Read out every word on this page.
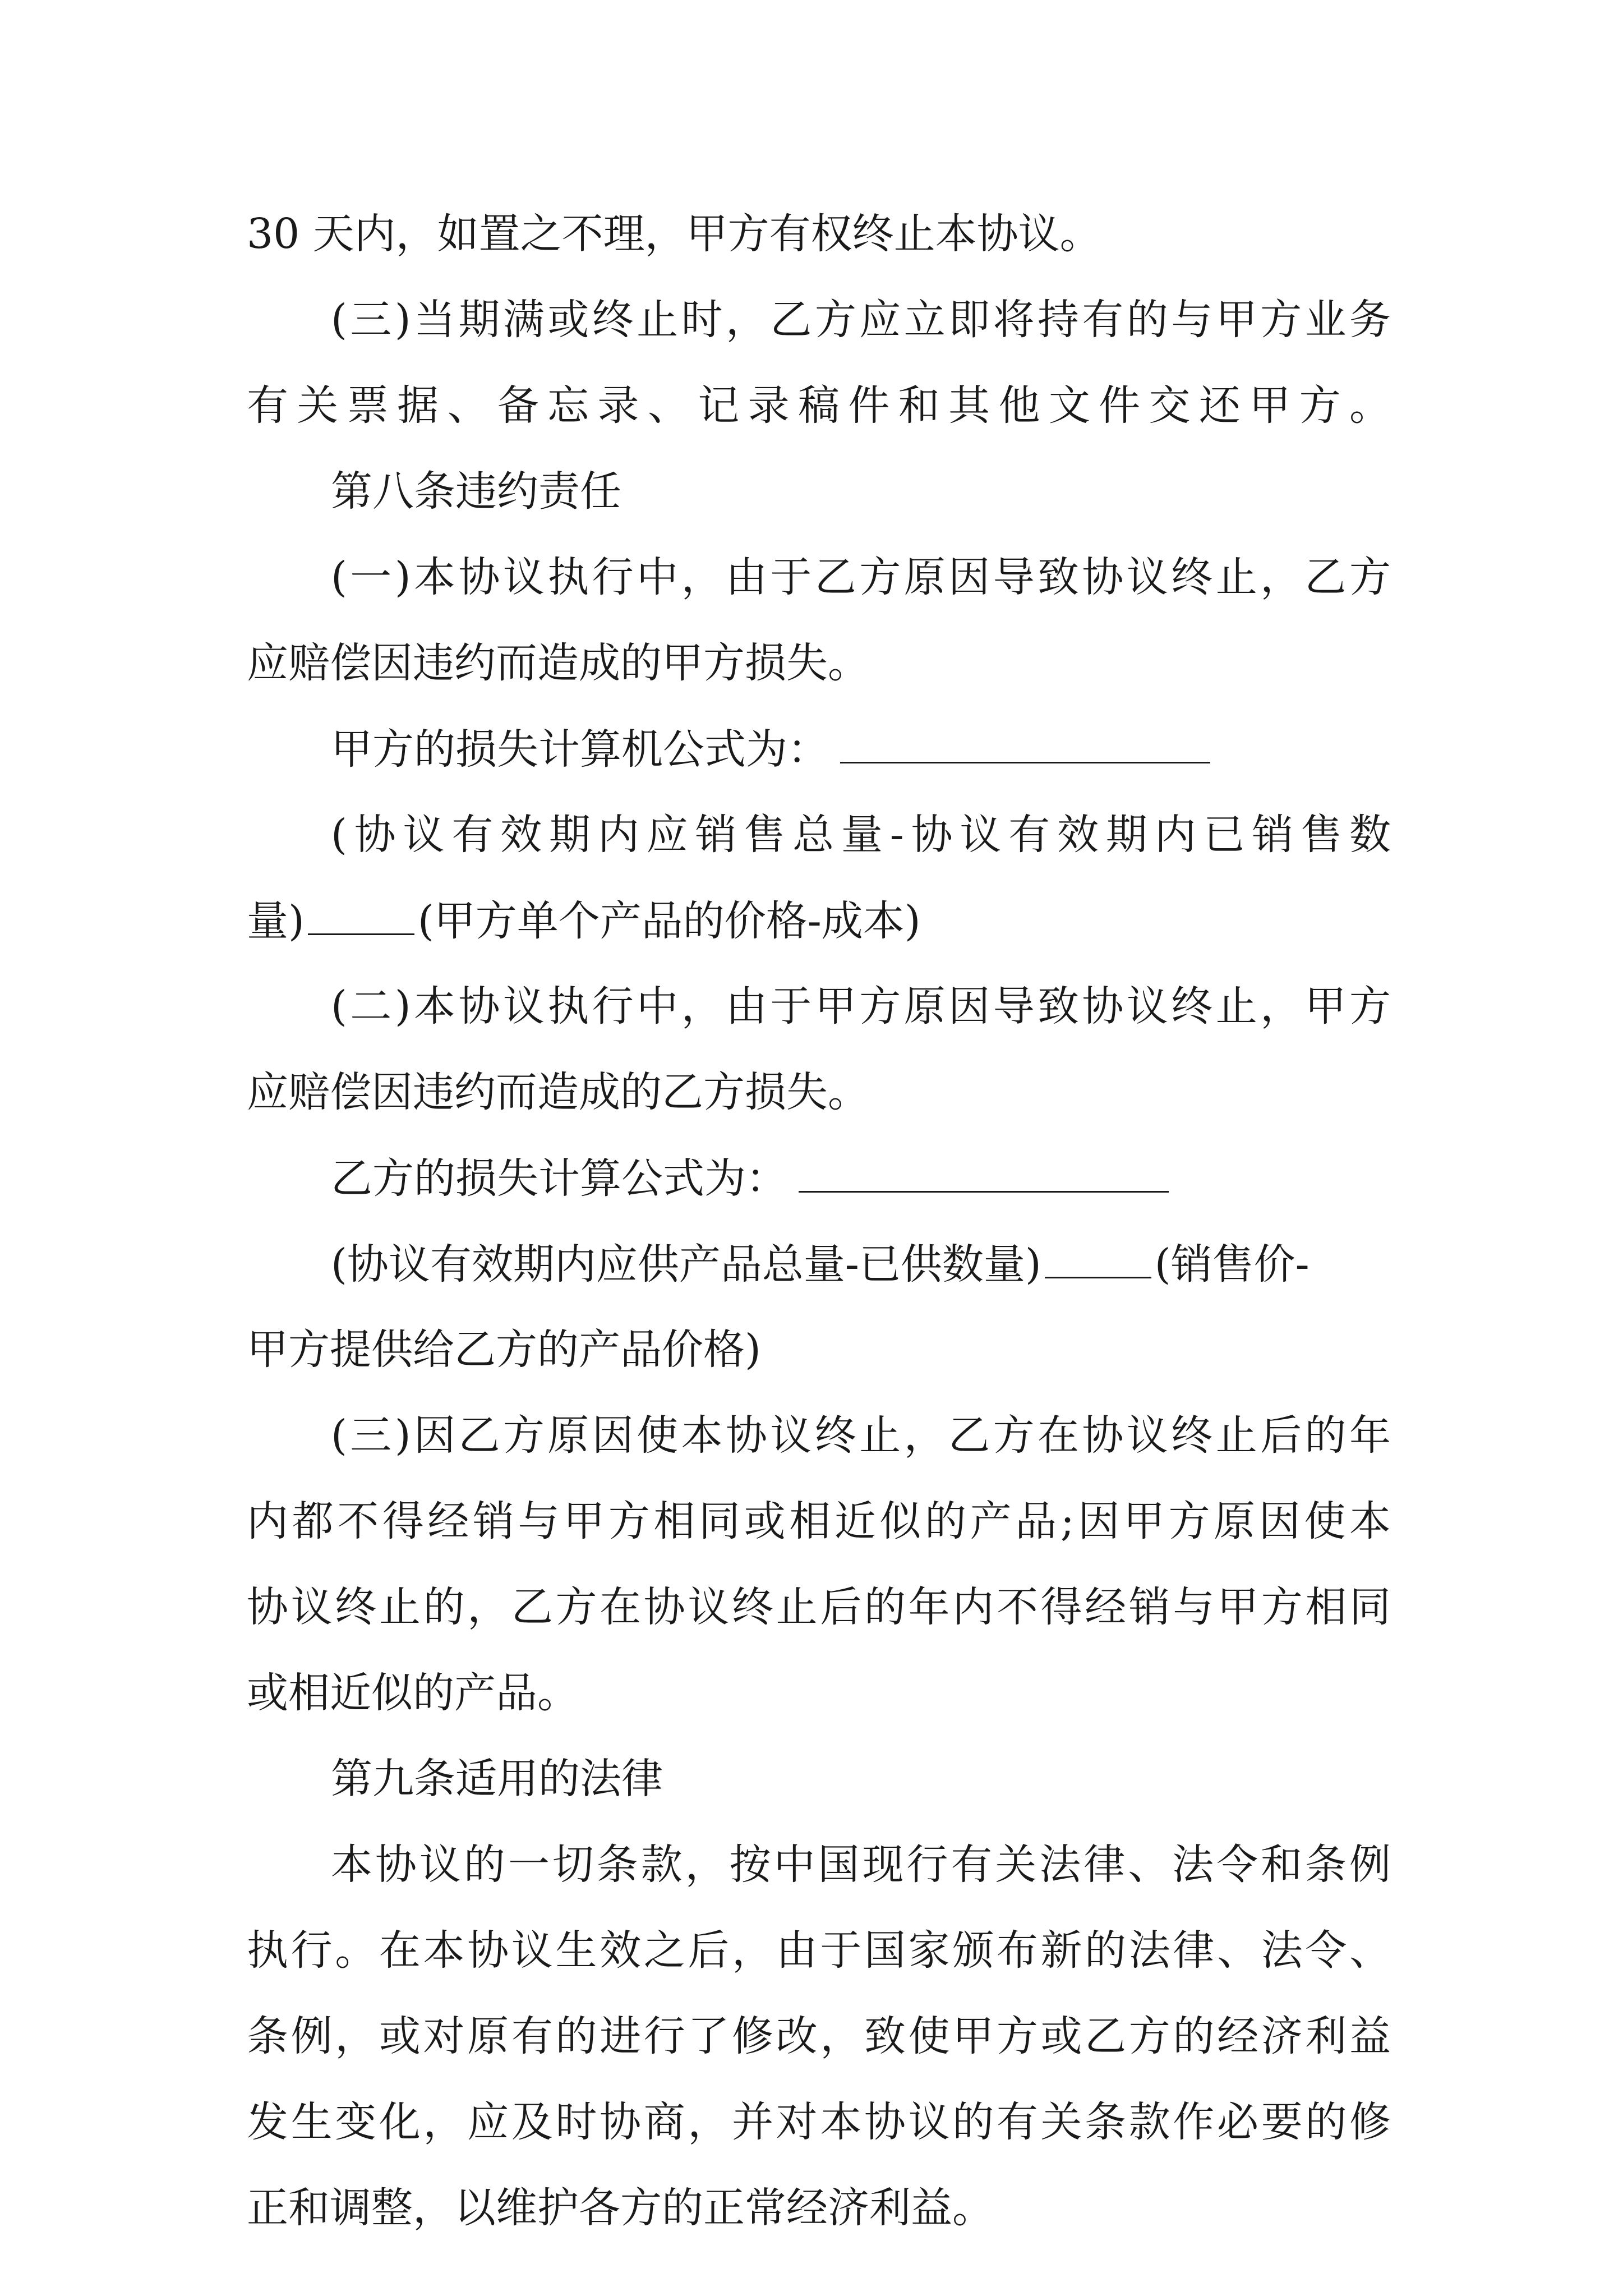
30 天内，如置之不理，甲方有权终止本协议。
(三)当期满或终止时，乙方应立即将持有的与甲方业务
有关票据、备忘录、记录稿件和其他文件交还甲方。
第八条违约责任
(一)本协议执行中，由于乙方原因导致协议终止，乙方
应赔偿因违约而造成的甲方损失。
甲方的损失计算机公式为：
(协议有效期内应销售总量-协议有效期内已销售数
量)	(甲方单个产品的价格-成本)
(二)本协议执行中，由于甲方原因导致协议终止，甲方
应赔偿因违约而造成的乙方损失。
乙方的损失计算公式为：
(协议有效期内应供产品总量-已供数量)	(销售价-
甲方提供给乙方的产品价格)
(三)因乙方原因使本协议终止，乙方在协议终止后的年
内都不得经销与甲方相同或相近似的产品;因甲方原因使本
协议终止的，乙方在协议终止后的年内不得经销与甲方相同
或相近似的产品。
第九条适用的法律
本协议的一切条款，按中国现行有关法律、法令和条例
执行。在本协议生效之后，由于国家颁布新的法律、法令、
条例，或对原有的进行了修改，致使甲方或乙方的经济利益
发生变化，应及时协商，并对本协议的有关条款作必要的修
正和调整，以维护各方的正常经济利益。
